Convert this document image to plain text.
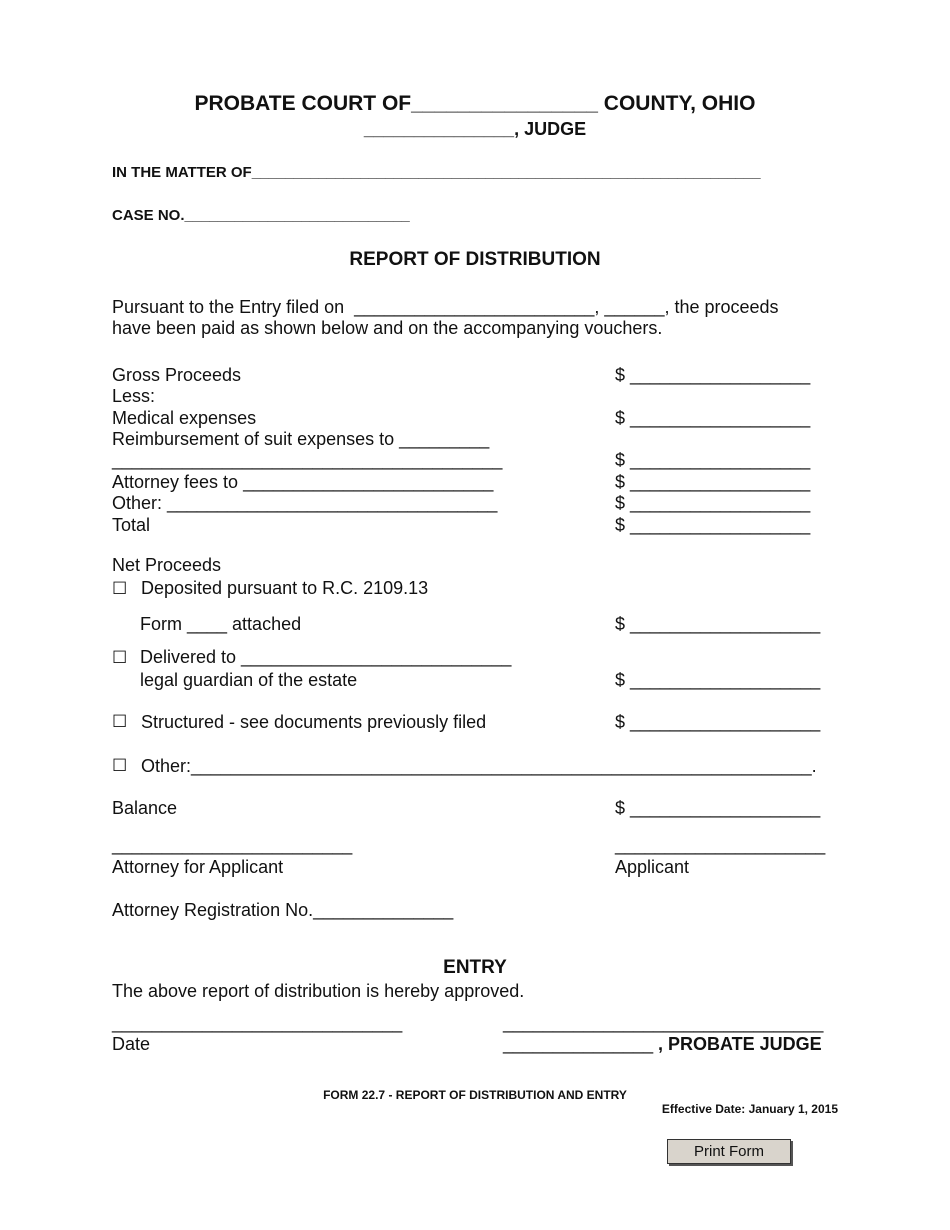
PROBATE COURT OF________________ COUNTY, OHIO
_______________, JUDGE
IN THE MATTER OF_____________________________________________________________
CASE NO.___________________________
REPORT OF DISTRIBUTION
Pursuant to the Entry filed on  ________________________, ______, the proceeds
have been paid as shown below and on the accompanying vouchers.
Gross Proceeds	$ __________________
Less:
Medical expenses	$ __________________
Reimbursement of suit expenses to _________
_______________________________________	$ __________________
Attorney fees to _________________________	$ __________________
Other: _________________________________	$ __________________
Total	$ __________________
Net Proceeds
☐ Deposited pursuant to R.C. 2109.13
Form ____ attached	$ ___________________
☐ Delivered to ___________________________
legal guardian of the estate	$ ___________________
☐ Structured - see documents previously filed	$ ___________________
☐ Other:______________________________________________________________.
Balance	$ ___________________
________________________
Attorney for Applicant
_____________________
Applicant
Attorney Registration No.______________
ENTRY
The above report of distribution is hereby approved.
_____________________________
Date
________________________________
_______________ , PROBATE JUDGE
FORM 22.7 - REPORT OF DISTRIBUTION AND ENTRY
Effective Date: January 1, 2015
Print Form
